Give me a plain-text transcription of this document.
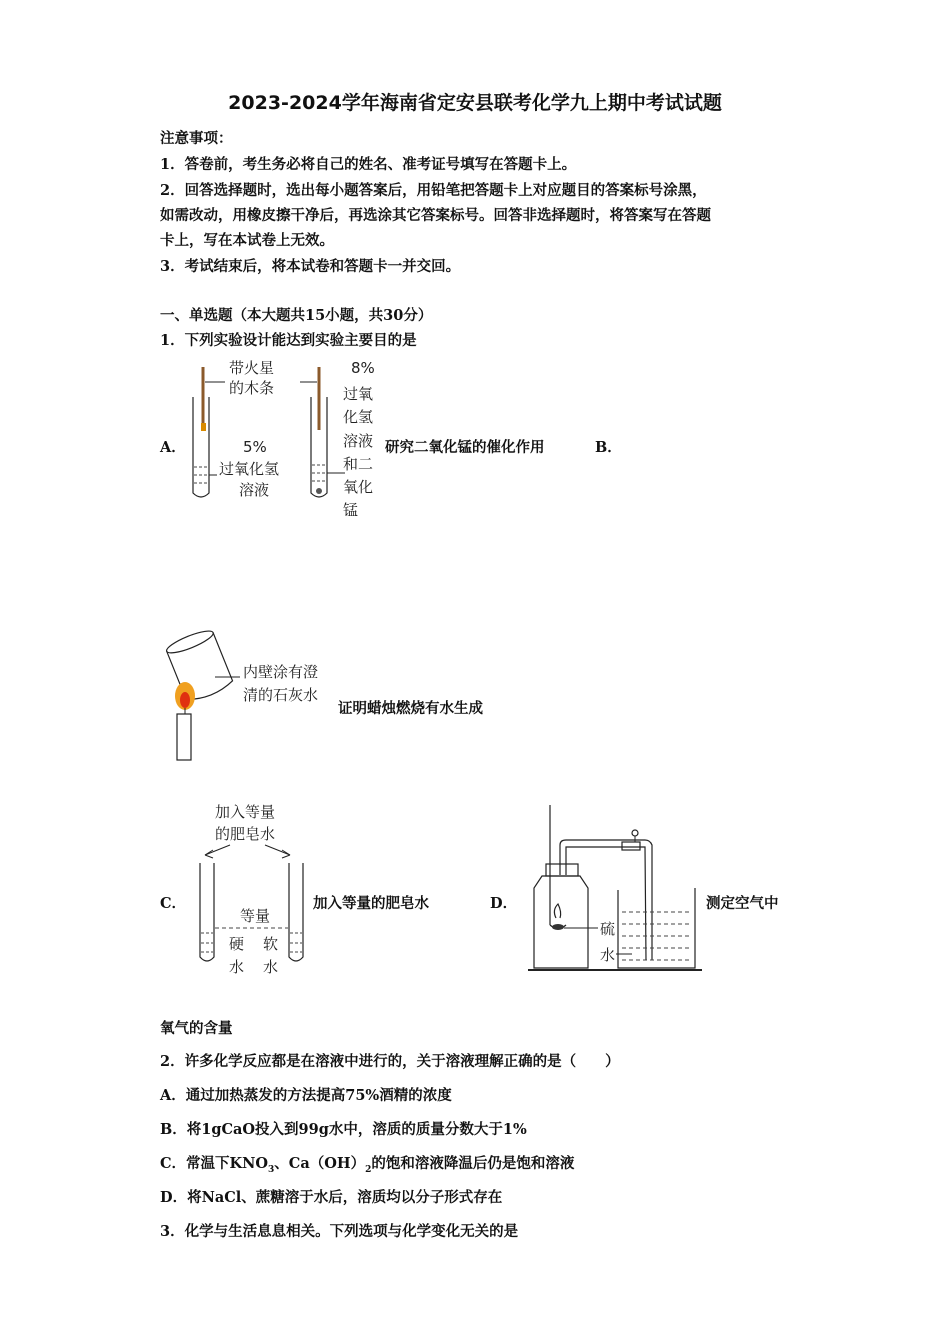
2023-2024学年海南省定安县联考化学九上期中考试试题
注意事项：
1．答卷前，考生务必将自己的姓名、准考证号填写在答题卡上。
2．回答选择题时，选出每小题答案后，用铅笔把答题卡上对应题目的答案标号涂黑，
如需改动，用橡皮擦干净后，再选涂其它答案标号。回答非选择题时，将答案写在答题
卡上，写在本试卷上无效。
3．考试结束后，将本试卷和答题卡一并交回。
一、单选题（本大题共15小题，共30分）
1．下列实验设计能达到实验主要目的是
A．
带火星
的木条
5%
过氧化氢
溶液
8%
过氧
化氢
溶液
和二
氧化
锰
研究二氧化锰的催化作用	B．
内壁涂有澄
清的石灰水
证明蜡烛燃烧有水生成
C．
加入等量
的肥皂水
等量
硬
水
软
水
加入等量的肥皂水	D．
硫
水
测定空气中
氧气的含量
2．许多化学反应都是在溶液中进行的，关于溶液理解正确的是（　　）
A．通过加热蒸发的方法提高75%酒精的浓度
B．将1gCaO投入到99g水中，溶质的质量分数大于1%
C．常温下$KNO_3$、$Ca(OH)_2$的饱和溶液降温后仍是饱和溶液
D．将NaCl、蔗糖溶于水后，溶质均以分子形式存在
3．化学与生活息息相关。下列选项与化学变化无关的是
